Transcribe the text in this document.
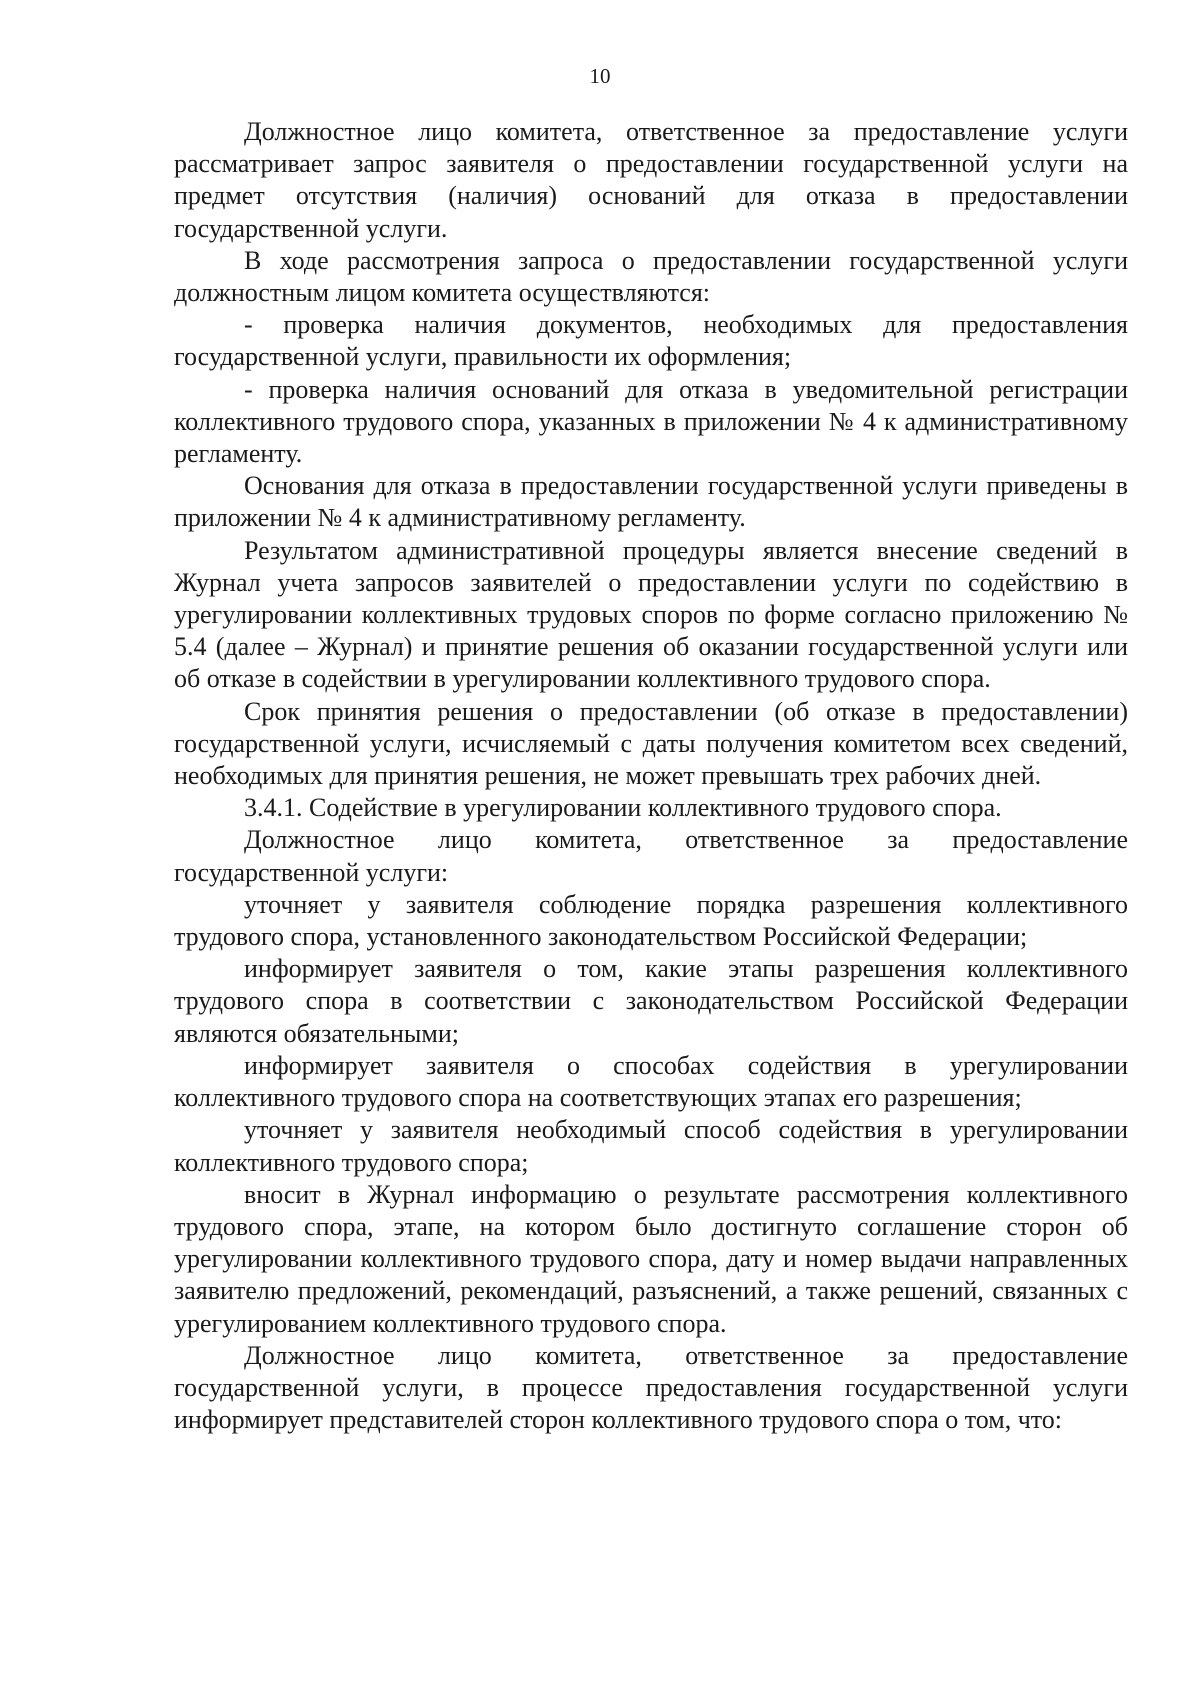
10

Должностное лицо комитета, ответственное за предоставление услуги рассматривает запрос заявителя о предоставлении государственной услуги на предмет отсутствия (наличия) оснований для отказа в предоставлении государственной услуги.

В ходе рассмотрения запроса о предоставлении государственной услуги должностным лицом комитета осуществляются:

- проверка наличия документов, необходимых для предоставления государственной услуги, правильности их оформления;

- проверка наличия оснований для отказа в уведомительной регистрации коллективного трудового спора, указанных в приложении № 4 к административному регламенту.

Основания для отказа в предоставлении государственной услуги приведены в приложении № 4 к административному регламенту.

Результатом административной процедуры является внесение сведений в Журнал учета запросов заявителей о предоставлении услуги по содействию в урегулировании коллективных трудовых споров по форме согласно приложению № 5.4 (далее – Журнал) и принятие решения об оказании государственной услуги или об отказе в содействии в урегулировании коллективного трудового спора.

Срок принятия решения о предоставлении (об отказе в предоставлении) государственной услуги, исчисляемый с даты получения комитетом всех сведений, необходимых для принятия решения, не может превышать трех рабочих дней.

3.4.1. Содействие в урегулировании коллективного трудового спора.

Должностное лицо комитета, ответственное за предоставление государственной услуги:

уточняет у заявителя соблюдение порядка разрешения коллективного трудового спора, установленного законодательством Российской Федерации;

информирует заявителя о том, какие этапы разрешения коллективного трудового спора в соответствии с законодательством Российской Федерации являются обязательными;

информирует заявителя о способах содействия в урегулировании коллективного трудового спора на соответствующих этапах его разрешения;

уточняет у заявителя необходимый способ содействия в урегулировании коллективного трудового спора;

вносит в Журнал информацию о результате рассмотрения коллективного трудового спора, этапе, на котором было достигнуто соглашение сторон об урегулировании коллективного трудового спора, дату и номер выдачи направленных заявителю предложений, рекомендаций, разъяснений, а также решений, связанных с урегулированием коллективного трудового спора.

Должностное лицо комитета, ответственное за предоставление государственной услуги, в процессе предоставления государственной услуги информирует представителей сторон коллективного трудового спора о том, что:
